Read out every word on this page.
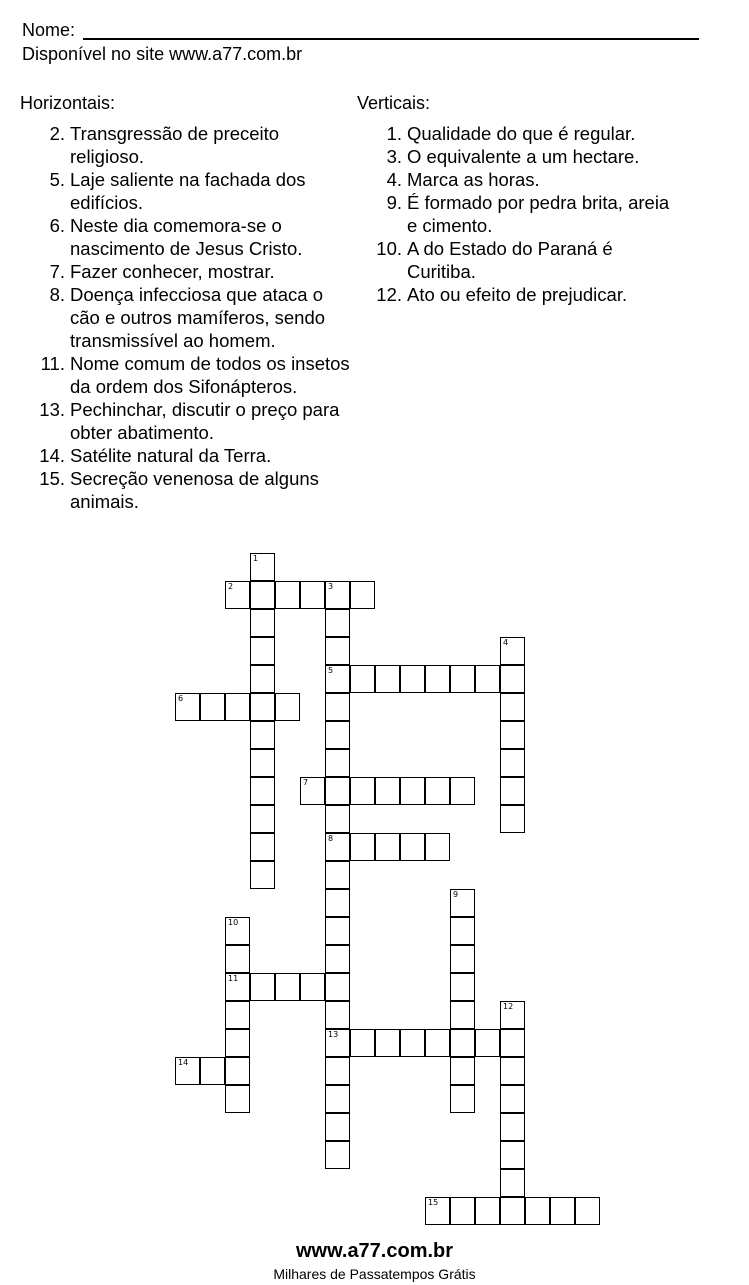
Nome:
Disponível no site www.a77.com.br
Horizontais:
2. Transgressão de preceito religioso.
5. Laje saliente na fachada dos edifícios.
6. Neste dia comemora-se o nascimento de Jesus Cristo.
7. Fazer conhecer, mostrar.
8. Doença infecciosa que ataca o cão e outros mamíferos, sendo transmissível ao homem.
11. Nome comum de todos os insetos da ordem dos Sifonápteros.
13. Pechinchar, discutir o preço para obter abatimento.
14. Satélite natural da Terra.
15. Secreção venenosa de alguns animais.
Verticais:
1. Qualidade do que é regular.
3. O equivalente a um hectare.
4. Marca as horas.
9. É formado por pedra brita, areia e cimento.
10. A do Estado do Paraná é Curitiba.
12. Ato ou efeito de prejudicar.
1
2	3
5
8
13
4
6
7
9
10
11
12
14
15
www.a77.com.br
Milhares de Passatempos Grátis
